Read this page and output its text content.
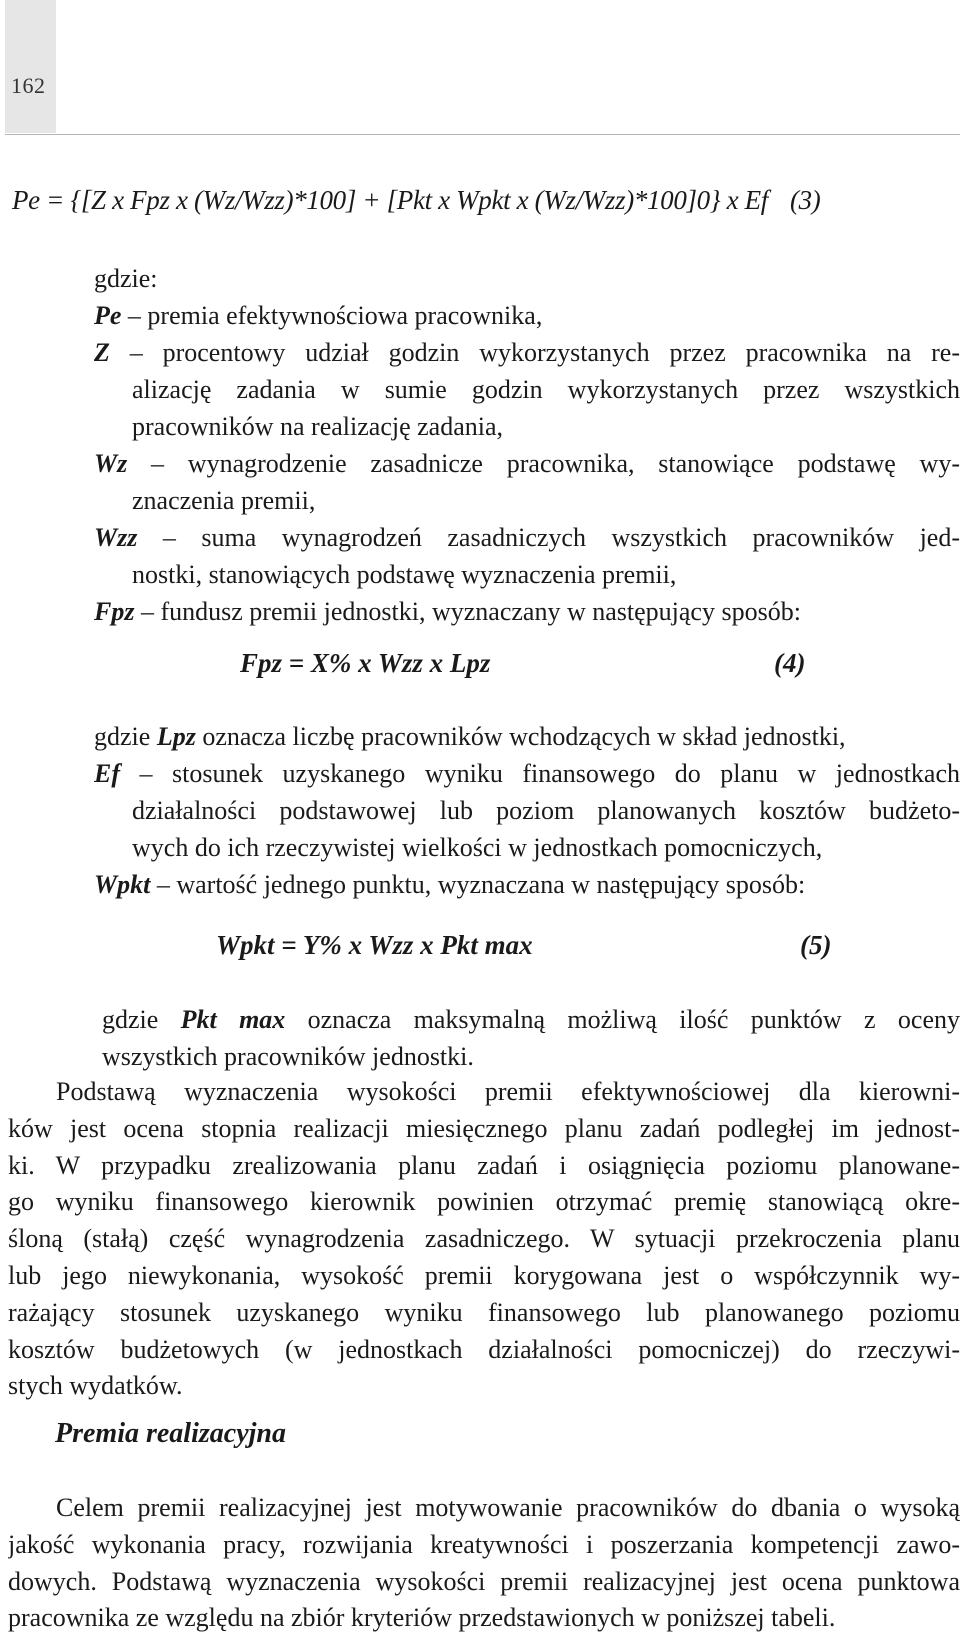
162
Pe = {[Z x Fpz x (Wz/Wzz)*100] + [Pkt x Wpkt x (Wz/Wzz)*100]0} x Ef (3)
gdzie:
Pe – premia efektywnościowa pracownika,
Z – procentowy udział godzin wykorzystanych przez pracownika na re-
alizację zadania w sumie godzin wykorzystanych przez wszystkich
pracowników na realizację zadania,
Wz – wynagrodzenie zasadnicze pracownika, stanowiące podstawę wy-
znaczenia premii,
Wzz – suma wynagrodzeń zasadniczych wszystkich pracowników jed-
nostki, stanowiących podstawę wyznaczenia premii,
Fpz – fundusz premii jednostki, wyznaczany w następujący sposób:
Fpz = X% x Wzz x Lpz	(4)
gdzie Lpz oznacza liczbę pracowników wchodzących w skład jednostki,
Ef – stosunek uzyskanego wyniku finansowego do planu w jednostkach
działalności podstawowej lub poziom planowanych kosztów budżeto-
wych do ich rzeczywistej wielkości w jednostkach pomocniczych,
Wpkt – wartość jednego punktu, wyznaczana w następujący sposób:
Wpkt = Y% x Wzz x Pkt max	(5)
gdzie Pkt max oznacza maksymalną możliwą ilość punktów z oceny
wszystkich pracowników jednostki.
Podstawą wyznaczenia wysokości premii efektywnościowej dla kierowni-
ków jest ocena stopnia realizacji miesięcznego planu zadań podległej im jednost-
ki. W przypadku zrealizowania planu zadań i osiągnięcia poziomu planowane-
go wyniku finansowego kierownik powinien otrzymać premię stanowiącą okre-
śloną (stałą) część wynagrodzenia zasadniczego. W sytuacji przekroczenia planu
lub jego niewykonania, wysokość premii korygowana jest o współczynnik wy-
rażający stosunek uzyskanego wyniku finansowego lub planowanego poziomu
kosztów budżetowych (w jednostkach działalności pomocniczej) do rzeczywi-
stych wydatków.
Premia realizacyjna
Celem premii realizacyjnej jest motywowanie pracowników do dbania o wysoką
jakość wykonania pracy, rozwijania kreatywności i poszerzania kompetencji zawo-
dowych. Podstawą wyznaczenia wysokości premii realizacyjnej jest ocena punktowa
pracownika ze względu na zbiór kryteriów przedstawionych w poniższej tabeli.
